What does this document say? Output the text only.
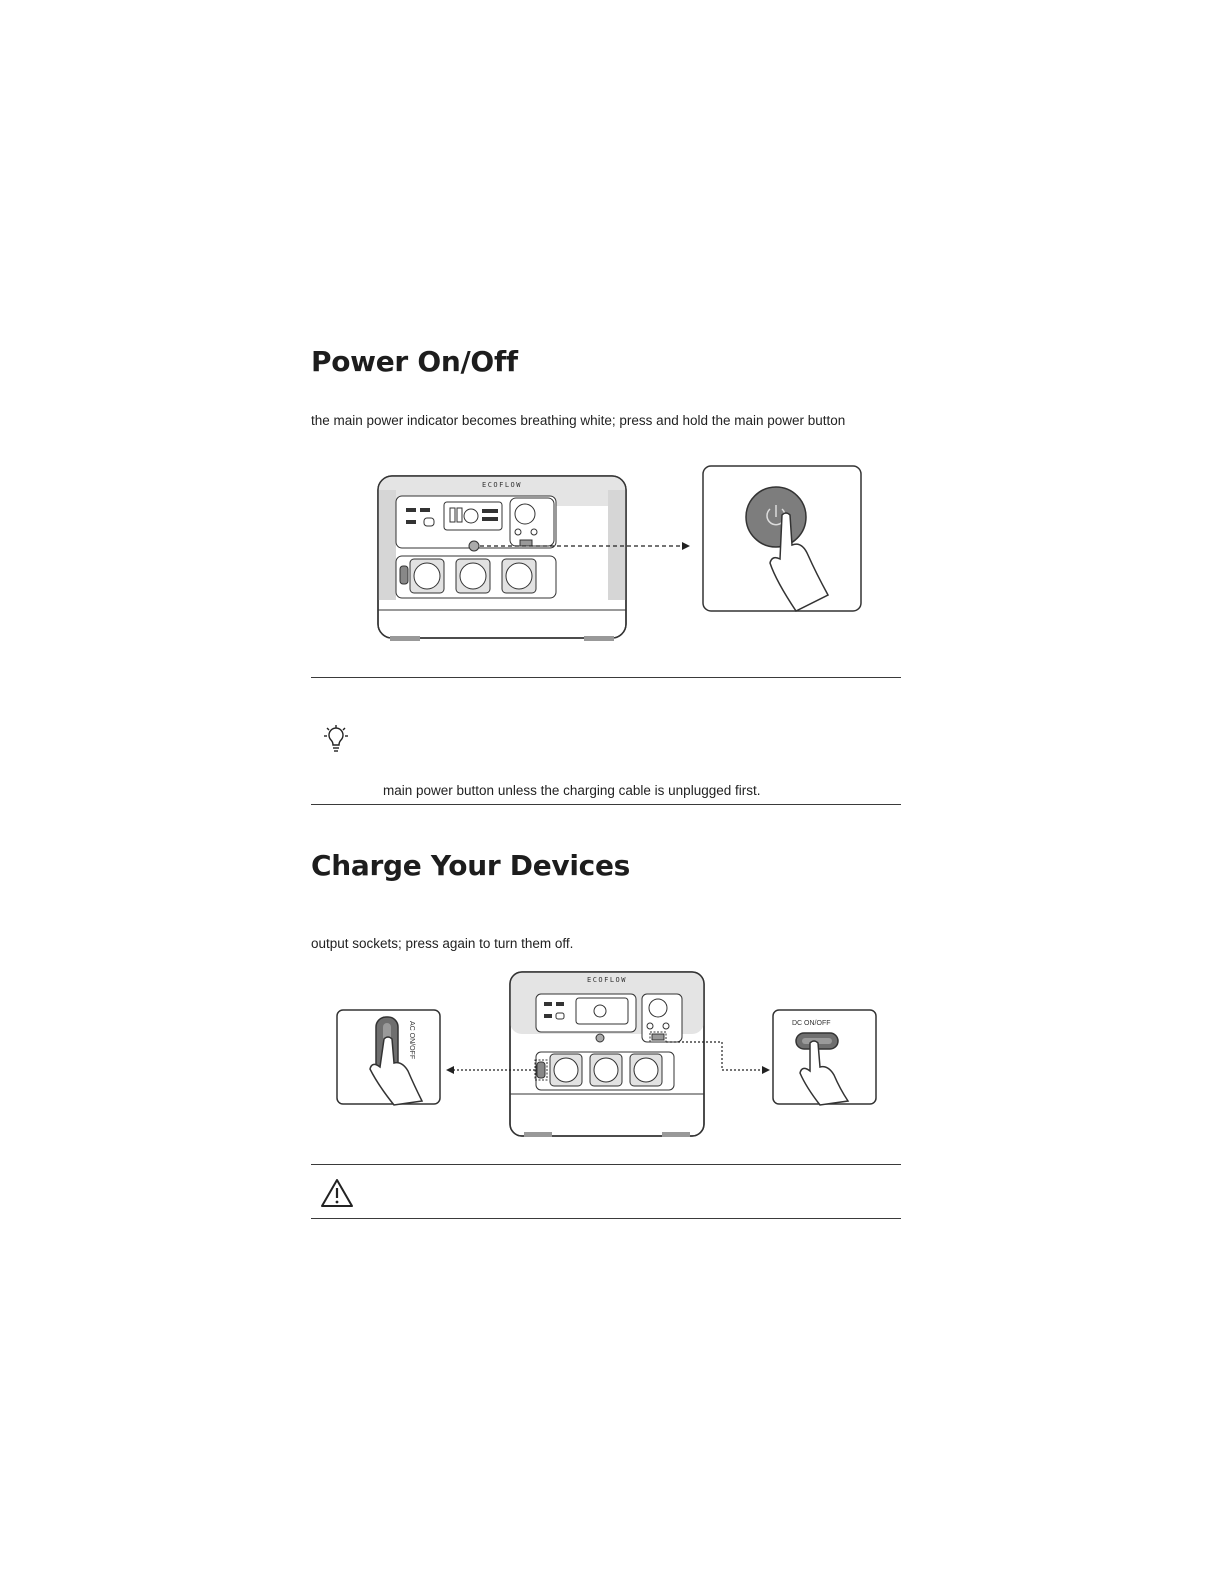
Power On/Off
the main power indicator becomes breathing white; press and hold the main power button
ECOFLOW
main power button unless the charging cable is unplugged first.
Charge Your Devices
output sockets; press again to turn them off.
AC ON/OFF
ECOFLOW
DC ON/OFF
